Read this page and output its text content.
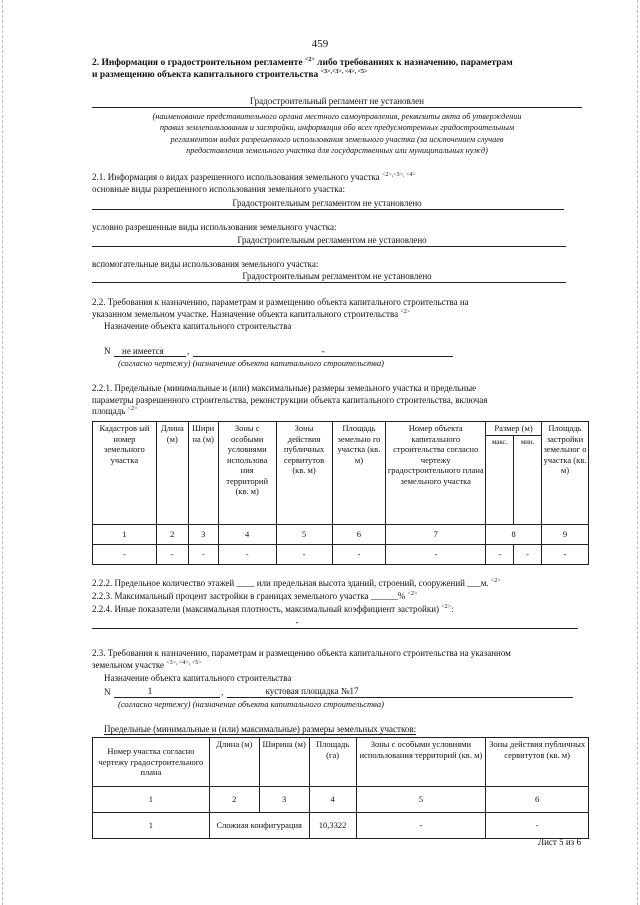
459
2. Информация о градостроительном регламенте $^{<2>}$ либо требованиях к назначению, параметрам
и размещению объекта капитального строительства $^{<3>,<3>, <4>, <5>}$
Градостроительный регламент не установлен
(наименование представительного органа местного самоуправления, реквизиты акта об утверждении
правил землепользования и застройки, информация обо всех предусмотренных градостроительным
регламентом видах разрешенного использования земельного участка (за исключением случаев
предоставления земельного участка для государственных или муниципальных нужд)
2.1. Информация о видах разрешенного использования земельного участка $^{<2>,<3>, <4>}$
основные виды разрешенного использования земельного участка:
Градостроительным регламентом не установлено
условно разрешенные виды использования земельного участка:
Градостроительным регламентом не установлено
вспомогательные виды использования земельного участка:
Градостроительным регламентом не установлено
2.2. Требования к назначению, параметрам и размещению объекта капитального строительства на
указанном земельном участке. Назначение объекта капитального строительства $^{<2>}$
Назначение объекта капитального строительства
N не имеется	,	-
(согласно чертежу) (назначение объекта капитального строительства)
2.2.1. Предельные (минимальные и (или) максимальные) размеры земельного участка и предельные
параметры разрешенного строительства, реконструкции объекта капитального строительства, включая
площадь $^{<2>}$
Кадастров ый номер земельного участка	Длина (м)	Шири на (м)	Зоны с особыми условиями использова ния территорий (кв. м)	Зоны действия публичных сервитутов (кв. м)	Площадь земельно го участка (кв. м)	Номер объекта капитального строительства согласно чертежу градостроительного плана земельного участка	Размер (м)		Площадь застройки земельног о участка (кв. м)
							макс.	мин.	
1	2	3	4	5	6	7	8		9
-	-	-	-	-	-	-	-	-	-
2.2.2. Предельное количество этажей ____ или предельная высота зданий, строений, сооружений ___м. $^{<2>}$
2.2.3. Максимальный процент застройки в границах земельного участка ______% $^{<2>}$
2.2.4. Иные показатели (максимальная плотность, максимальный коэффициент застройки) $^{<2>}$:
-
2.3. Требования к назначению, параметрам и размещению объекта капитального строительства на указанном
земельном участке $^{<3>, <4>, <5>}$
Назначение объекта капитального строительства
N	1	,	кустовая площадка №17
(согласно чертежу) (назначение объекта капитального строительства)
Предельные (минимальные и (или) максимальные) размеры земельных участков:
Номер участка согласно чертежу градостроительного плана	Длина (м)	Ширина (м)	Площадь (га)	Зоны с особыми условиями использования территорий (кв. м)	Зоны действия публичных сервитутов (кв. м)
1	2	3	4	5	6
1	Сложная конфигурация		10,3322	-	-
Лист 5 из 6
